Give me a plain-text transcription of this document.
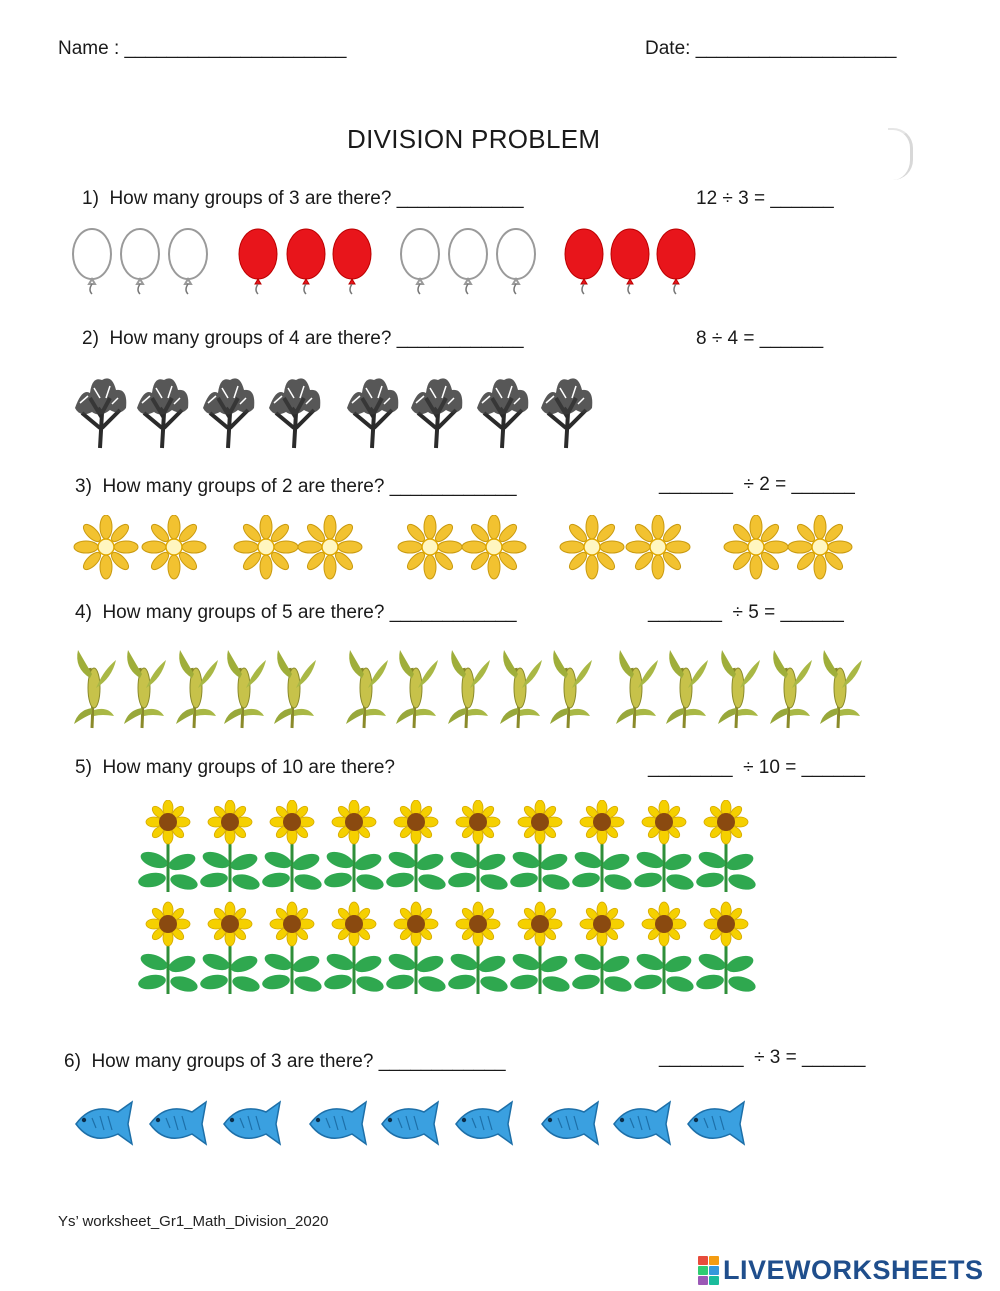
Name : _____________________	Date: ___________________
DIVISION PROBLEM
1)  How many groups of 3 are there? ____________	12 ÷ 3 = ______
2)  How many groups of 4 are there? ____________	8 ÷ 4 = ______
3)  How many groups of 2 are there? ____________	_______  ÷ 2 = ______
4)  How many groups of 5 are there? ____________	_______  ÷ 5 = ______
5)  How many groups of 10 are there?	________  ÷ 10 = ______
6)  How many groups of 3 are there? ____________	________  ÷ 3 = ______
Ys’ worksheet_Gr1_Math_Division_2020
LIVEWORKSHEETS
